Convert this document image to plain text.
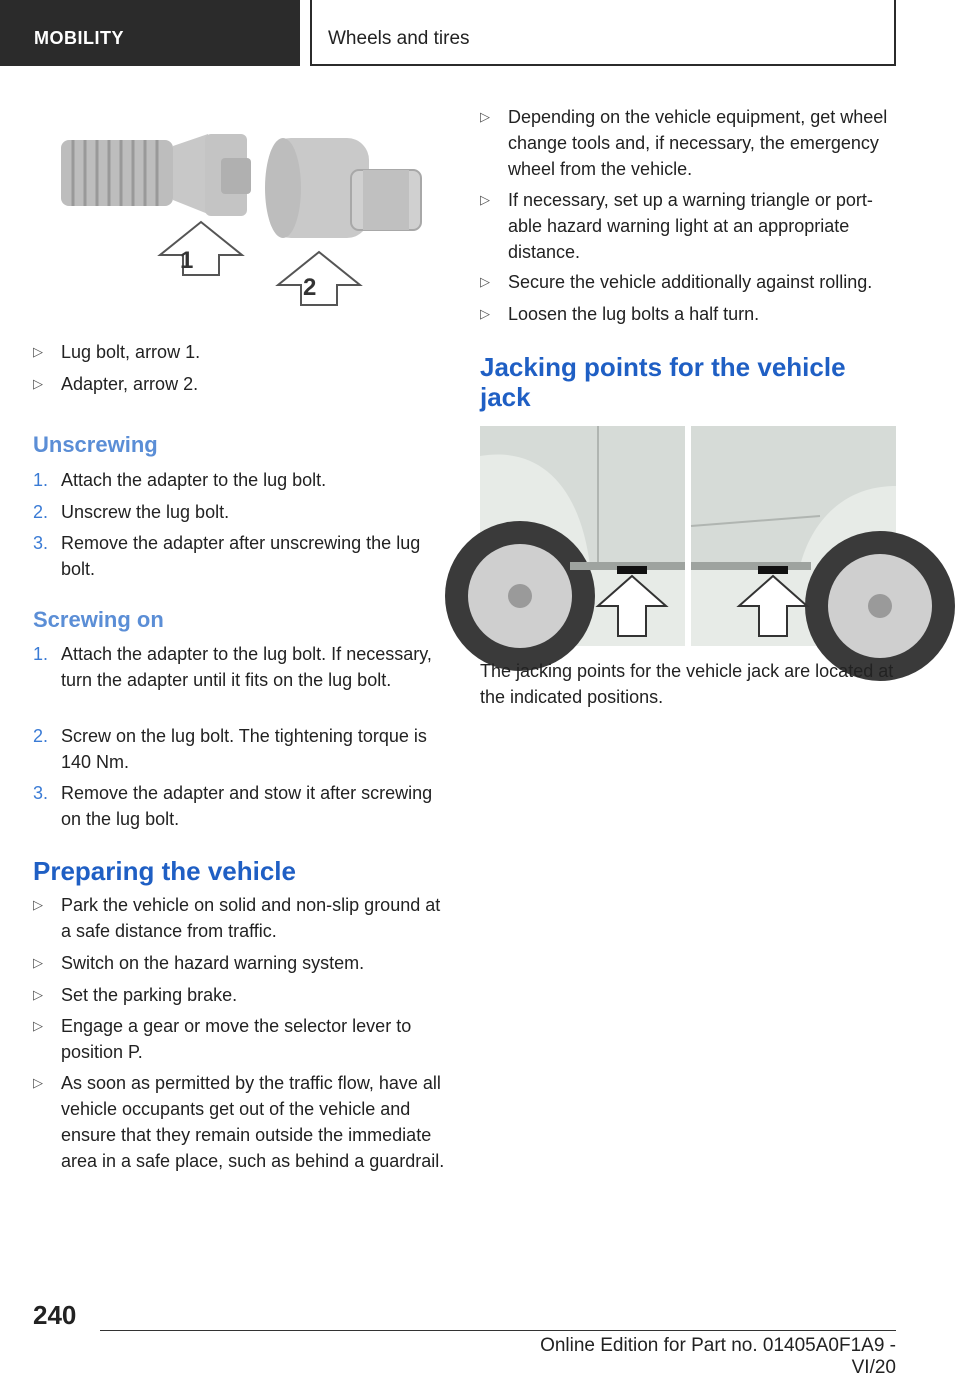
MOBILITY	Wheels and tires
1
2
▷	Lug bolt, arrow 1.
▷	Adapter, arrow 2.
Unscrewing
1. Attach the adapter to the lug bolt.
2. Unscrew the lug bolt.
3. Remove the adapter after unscrewing the lug bolt.
Screwing on
1. Attach the adapter to the lug bolt. If necessary, turn the adapter until it fits on the lug bolt.
2. Screw on the lug bolt. The tightening torque is 140 Nm.
3. Remove the adapter and stow it after screwing on the lug bolt.
Preparing the vehicle
▷	Park the vehicle on solid and non-slip ground at a safe distance from traffic.
▷	Switch on the hazard warning system.
▷	Set the parking brake.
▷	Engage a gear or move the selector lever to position P.
▷	As soon as permitted by the traffic flow, have all vehicle occupants get out of the vehicle and ensure that they remain outside the immediate area in a safe place, such as behind a guardrail.
▷	Depending on the vehicle equipment, get wheel change tools and, if necessary, the emergency wheel from the vehicle.
▷	If necessary, set up a warning triangle or portable hazard warning light at an appropriate distance.
▷	Secure the vehicle additionally against rolling.
▷	Loosen the lug bolts a half turn.
Jacking points for the vehicle jack
The jacking points for the vehicle jack are located at the indicated positions.
240
Online Edition for Part no. 01405A0F1A9 - VI/20
